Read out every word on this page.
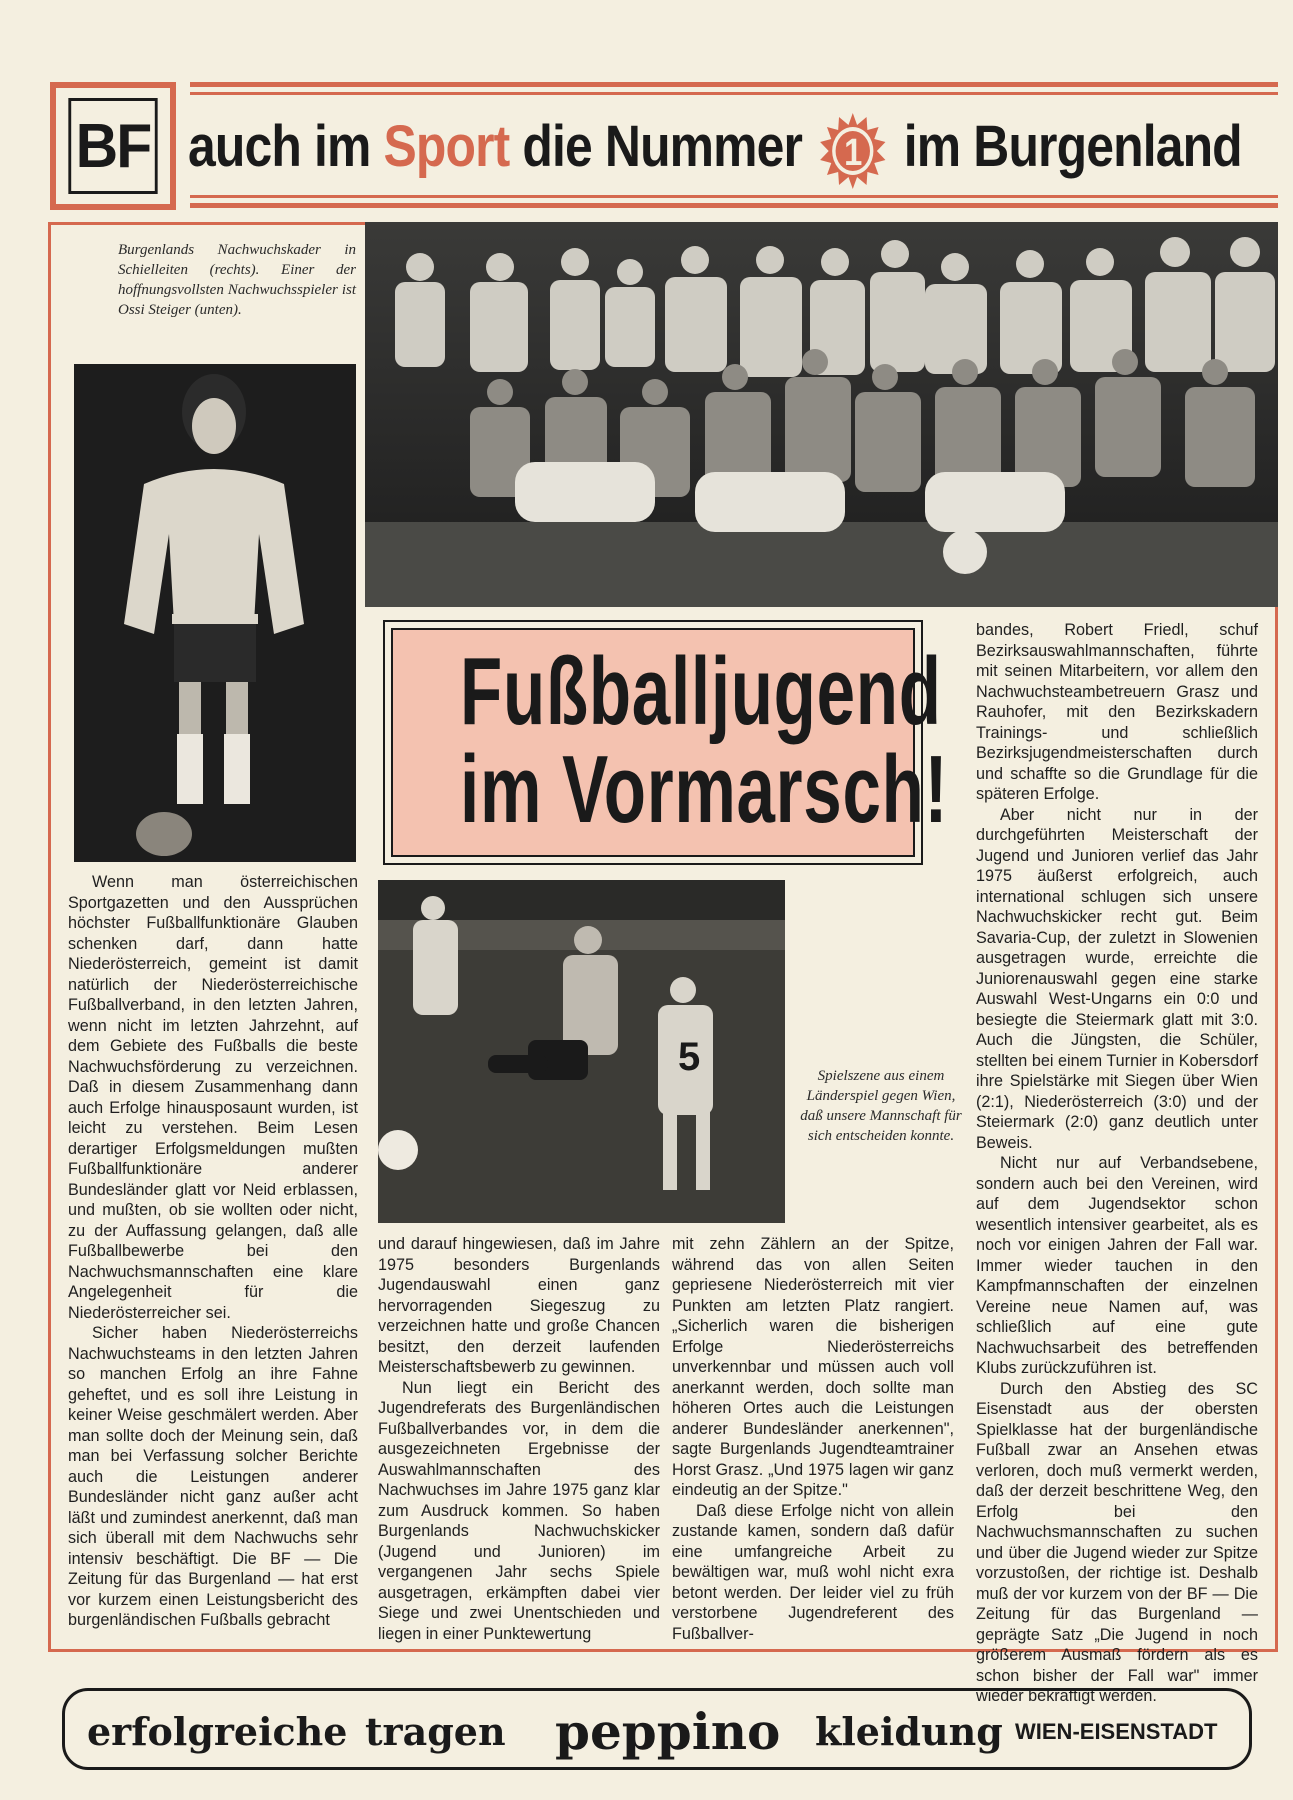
BF auch im Sport die Nummer 1 im Burgenland
Burgenlands Nachwuchskader in Schielleiten (rechts). Einer der hoffnungsvollsten Nachwuchsspieler ist Ossi Steiger (unten).
Fußballjugend
im Vormarsch!
5	Spielszene aus einem Länderspiel gegen Wien, daß unsere Mannschaft für sich entscheiden konnte.

Wenn man österreichischen Sportgazetten und den Aussprüchen höchster Fußballfunktionäre Glauben schenken darf, dann hatte Niederösterreich, gemeint ist damit natürlich der Niederösterreichische Fußballverband, in den letzten Jahren, wenn nicht im letzten Jahrzehnt, auf dem Gebiete des Fußballs die beste Nachwuchsförderung zu verzeichnen. Daß in diesem Zusammenhang dann auch Erfolge hinausposaunt wurden, ist leicht zu verstehen. Beim Lesen derartiger Erfolgsmeldungen mußten Fußballfunktionäre anderer Bundesländer glatt vor Neid erblassen, und mußten, ob sie wollten oder nicht, zu der Auffassung gelangen, daß alle Fußballbewerbe bei den Nachwuchsmannschaften eine klare Angelegenheit für die Niederösterreicher sei.

Sicher haben Niederösterreichs Nachwuchsteams in den letzten Jahren so manchen Erfolg an ihre Fahne geheftet, und es soll ihre Leistung in keiner Weise geschmälert werden. Aber man sollte doch der Meinung sein, daß man bei Verfassung solcher Berichte auch die Leistungen anderer Bundesländer nicht ganz außer acht läßt und zumindest anerkennt, daß man sich überall mit dem Nachwuchs sehr intensiv beschäftigt. Die BF — Die Zeitung für das Burgenland — hat erst vor kurzem einen Leistungsbericht des burgenländischen Fußballs gebracht

und darauf hingewiesen, daß im Jahre 1975 besonders Burgenlands Jugendauswahl einen ganz hervorragenden Siegeszug zu verzeichnen hatte und große Chancen besitzt, den derzeit laufenden Meisterschaftsbewerb zu gewinnen.

Nun liegt ein Bericht des Jugendreferats des Burgenländischen Fußballverbandes vor, in dem die ausgezeichneten Ergebnisse der Auswahlmannschaften des Nachwuchses im Jahre 1975 ganz klar zum Ausdruck kommen. So haben Burgenlands Nachwuchskicker (Jugend und Junioren) im vergangenen Jahr sechs Spiele ausgetragen, erkämpften dabei vier Siege und zwei Unentschieden und liegen in einer Punktewertung

mit zehn Zählern an der Spitze, während das von allen Seiten gepriesene Niederösterreich mit vier Punkten am letzten Platz rangiert. „Sicherlich waren die bisherigen Erfolge Niederösterreichs unverkennbar und müssen auch voll anerkannt werden, doch sollte man höheren Ortes auch die Leistungen anderer Bundesländer anerkennen", sagte Burgenlands Jugendteamtrainer Horst Grasz. „Und 1975 lagen wir ganz eindeutig an der Spitze."

Daß diese Erfolge nicht von allein zustande kamen, sondern daß dafür eine umfangreiche Arbeit zu bewältigen war, muß wohl nicht exra betont werden. Der leider viel zu früh verstorbene Jugendreferent des Fußballver-

bandes, Robert Friedl, schuf Bezirksauswahlmannschaften, führte mit seinen Mitarbeitern, vor allem den Nachwuchsteambetreuern Grasz und Rauhofer, mit den Bezirkskadern Trainings- und schließlich Bezirksjugendmeisterschaften durch und schaffte so die Grundlage für die späteren Erfolge.

Aber nicht nur in der durchgeführten Meisterschaft der Jugend und Junioren verlief das Jahr 1975 äußerst erfolgreich, auch international schlugen sich unsere Nachwuchskicker recht gut. Beim Savaria-Cup, der zuletzt in Slowenien ausgetragen wurde, erreichte die Juniorenauswahl gegen eine starke Auswahl West-Ungarns ein 0:0 und besiegte die Steiermark glatt mit 3:0. Auch die Jüngsten, die Schüler, stellten bei einem Turnier in Kobersdorf ihre Spielstärke mit Siegen über Wien (2:1), Niederösterreich (3:0) und der Steiermark (2:0) ganz deutlich unter Beweis.

Nicht nur auf Verbandsebene, sondern auch bei den Vereinen, wird auf dem Jugendsektor schon wesentlich intensiver gearbeitet, als es noch vor einigen Jahren der Fall war. Immer wieder tauchen in den Kampfmannschaften der einzelnen Vereine neue Namen auf, was schließlich auf eine gute Nachwuchsarbeit des betreffenden Klubs zurückzuführen ist.

Durch den Abstieg des SC Eisenstadt aus der obersten Spielklasse hat der burgenländische Fußball zwar an Ansehen etwas verloren, doch muß vermerkt werden, daß der derzeit beschrittene Weg, den Erfolg bei den Nachwuchsmannschaften zu suchen und über die Jugend wieder zur Spitze vorzustoßen, der richtige ist. Deshalb muß der vor kurzem von der BF — Die Zeitung für das Burgenland — geprägte Satz „Die Jugend in noch größerem Ausmaß fördern als es schon bisher der Fall war" immer wieder bekräftigt werden.

erfolgreiche tragen peppino kleidung WIEN-EISENSTADT
